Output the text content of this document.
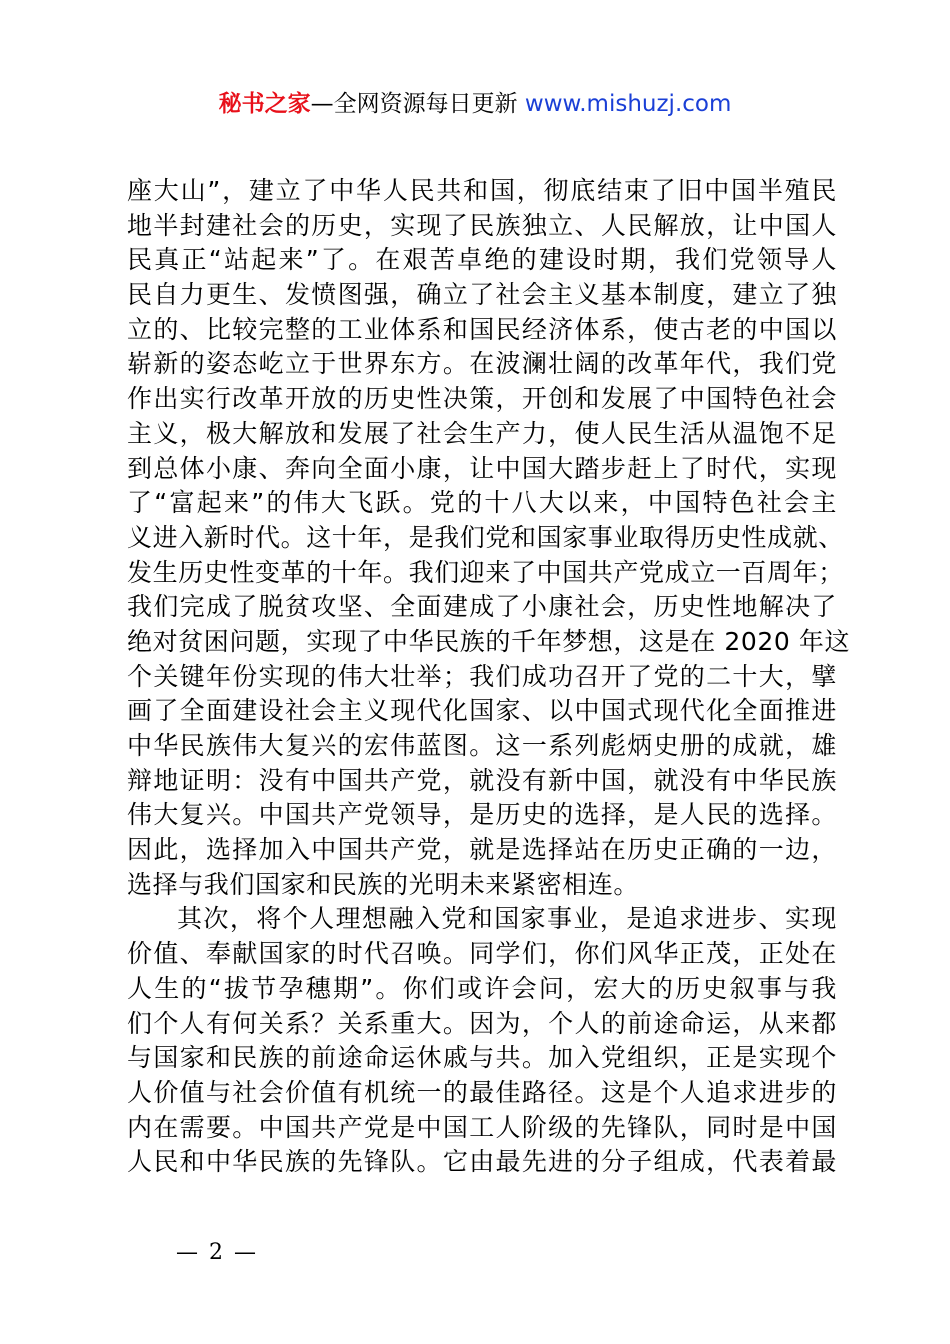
秘书之家—全网资源每日更新 www.mishuzj.com
座大山”，建立了中华人民共和国，彻底结束了旧中国半殖民
地半封建社会的历史，实现了民族独立、人民解放，让中国人
民真正“站起来”了。在艰苦卓绝的建设时期，我们党领导人
民自力更生、发愤图强，确立了社会主义基本制度，建立了独
立的、比较完整的工业体系和国民经济体系，使古老的中国以
崭新的姿态屹立于世界东方。在波澜壮阔的改革年代，我们党
作出实行改革开放的历史性决策，开创和发展了中国特色社会
主义，极大解放和发展了社会生产力，使人民生活从温饱不足
到总体小康、奔向全面小康，让中国大踏步赶上了时代，实现
了“富起来”的伟大飞跃。党的十八大以来，中国特色社会主
义进入新时代。这十年，是我们党和国家事业取得历史性成就、
发生历史性变革的十年。我们迎来了中国共产党成立一百周年；
我们完成了脱贫攻坚、全面建成了小康社会，历史性地解决了
绝对贫困问题，实现了中华民族的千年梦想，这是在 2020 年这
个关键年份实现的伟大壮举；我们成功召开了党的二十大，擘
画了全面建设社会主义现代化国家、以中国式现代化全面推进
中华民族伟大复兴的宏伟蓝图。这一系列彪炳史册的成就，雄
辩地证明：没有中国共产党，就没有新中国，就没有中华民族
伟大复兴。中国共产党领导，是历史的选择，是人民的选择。
因此，选择加入中国共产党，就是选择站在历史正确的一边，
选择与我们国家和民族的光明未来紧密相连。
其次，将个人理想融入党和国家事业，是追求进步、实现
价值、奉献国家的时代召唤。同学们，你们风华正茂，正处在
人生的“拔节孕穗期”。你们或许会问，宏大的历史叙事与我
们个人有何关系？关系重大。因为，个人的前途命运，从来都
与国家和民族的前途命运休戚与共。加入党组织，正是实现个
人价值与社会价值有机统一的最佳路径。这是个人追求进步的
内在需要。中国共产党是中国工人阶级的先锋队，同时是中国
人民和中华民族的先锋队。它由最先进的分子组成，代表着最
— 2 —
